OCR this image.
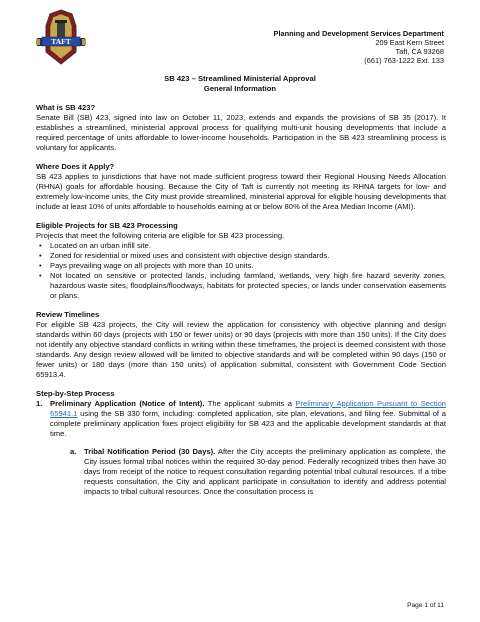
TAFT
Planning and Development Services Department
209 East Kern Street
Taft, CA 93268
(661) 763-1222 Ext. 133
SB 423 – Streamlined Ministerial Approval
General Information
What is SB 423?

Senate Bill (SB) 423, signed into law on October 11, 2023, extends and expands the provisions of SB 35 (2017). It establishes a streamlined, ministerial approval process for qualifying multi-unit housing developments that include a required percentage of units affordable to lower-income households. Participation in the SB 423 streamlining process is voluntary for applicants.

Where Does it Apply?

SB 423 applies to jurisdictions that have not made sufficient progress toward their Regional Housing Needs Allocation (RHNA) goals for affordable housing. Because the City of Taft is currently not meeting its RHNA targets for low- and extremely low-income units, the City must provide streamlined, ministerial approval for eligible housing developments that include at least 10% of units affordable to households earning at or below 80% of the Area Median Income (AMI).

Eligible Projects for SB 423 Processing

Projects that meet the following criteria are eligible for SB 423 processing.

• Located on an urban infill site.
• Zoned for residential or mixed uses and consistent with objective design standards.
• Pays prevailing wage on all projects with more than 10 units.
• Not located on sensitive or protected lands, including farmland, wetlands, very high fire hazard severity zones, hazardous waste sites, floodplains/floodways, habitats for protected species, or lands under conservation easements or plans.
Review Timelines

For eligible SB 423 projects, the City will review the application for consistency with objective planning and design standards within 60 days (projects with 150 or fewer units) or 90 days (projects with more than 150 units). If the City does not identify any objective standard conflicts in writing within these timeframes, the project is deemed consistent with those standards. Any design review allowed will be limited to objective standards and will be completed within 90 days (150 or fewer units) or 180 days (more than 150 units) of application submittal, consistent with Government Code Section 65913.4.

Step-by-Step Process
1. Preliminary Application (Notice of Intent). The applicant submits a Preliminary Application Pursuant to Section 65941.1 using the SB 330 form, including: completed application, site plan, elevations, and filing fee. Submittal of a complete preliminary application fixes project eligibility for SB 423 and the applicable development standards at that time.
a. Tribal Notification Period (30 Days). After the City accepts the preliminary application as complete, the City issues formal tribal notices within the required 30-day period. Federally recognized tribes then have 30 days from receipt of the notice to request consultation regarding potential tribal cultural resources. If a tribe requests consultation, the City and applicant participate in consultation to identify and address potential impacts to tribal cultural resources. Once the consultation process is
Page 1 of 11
